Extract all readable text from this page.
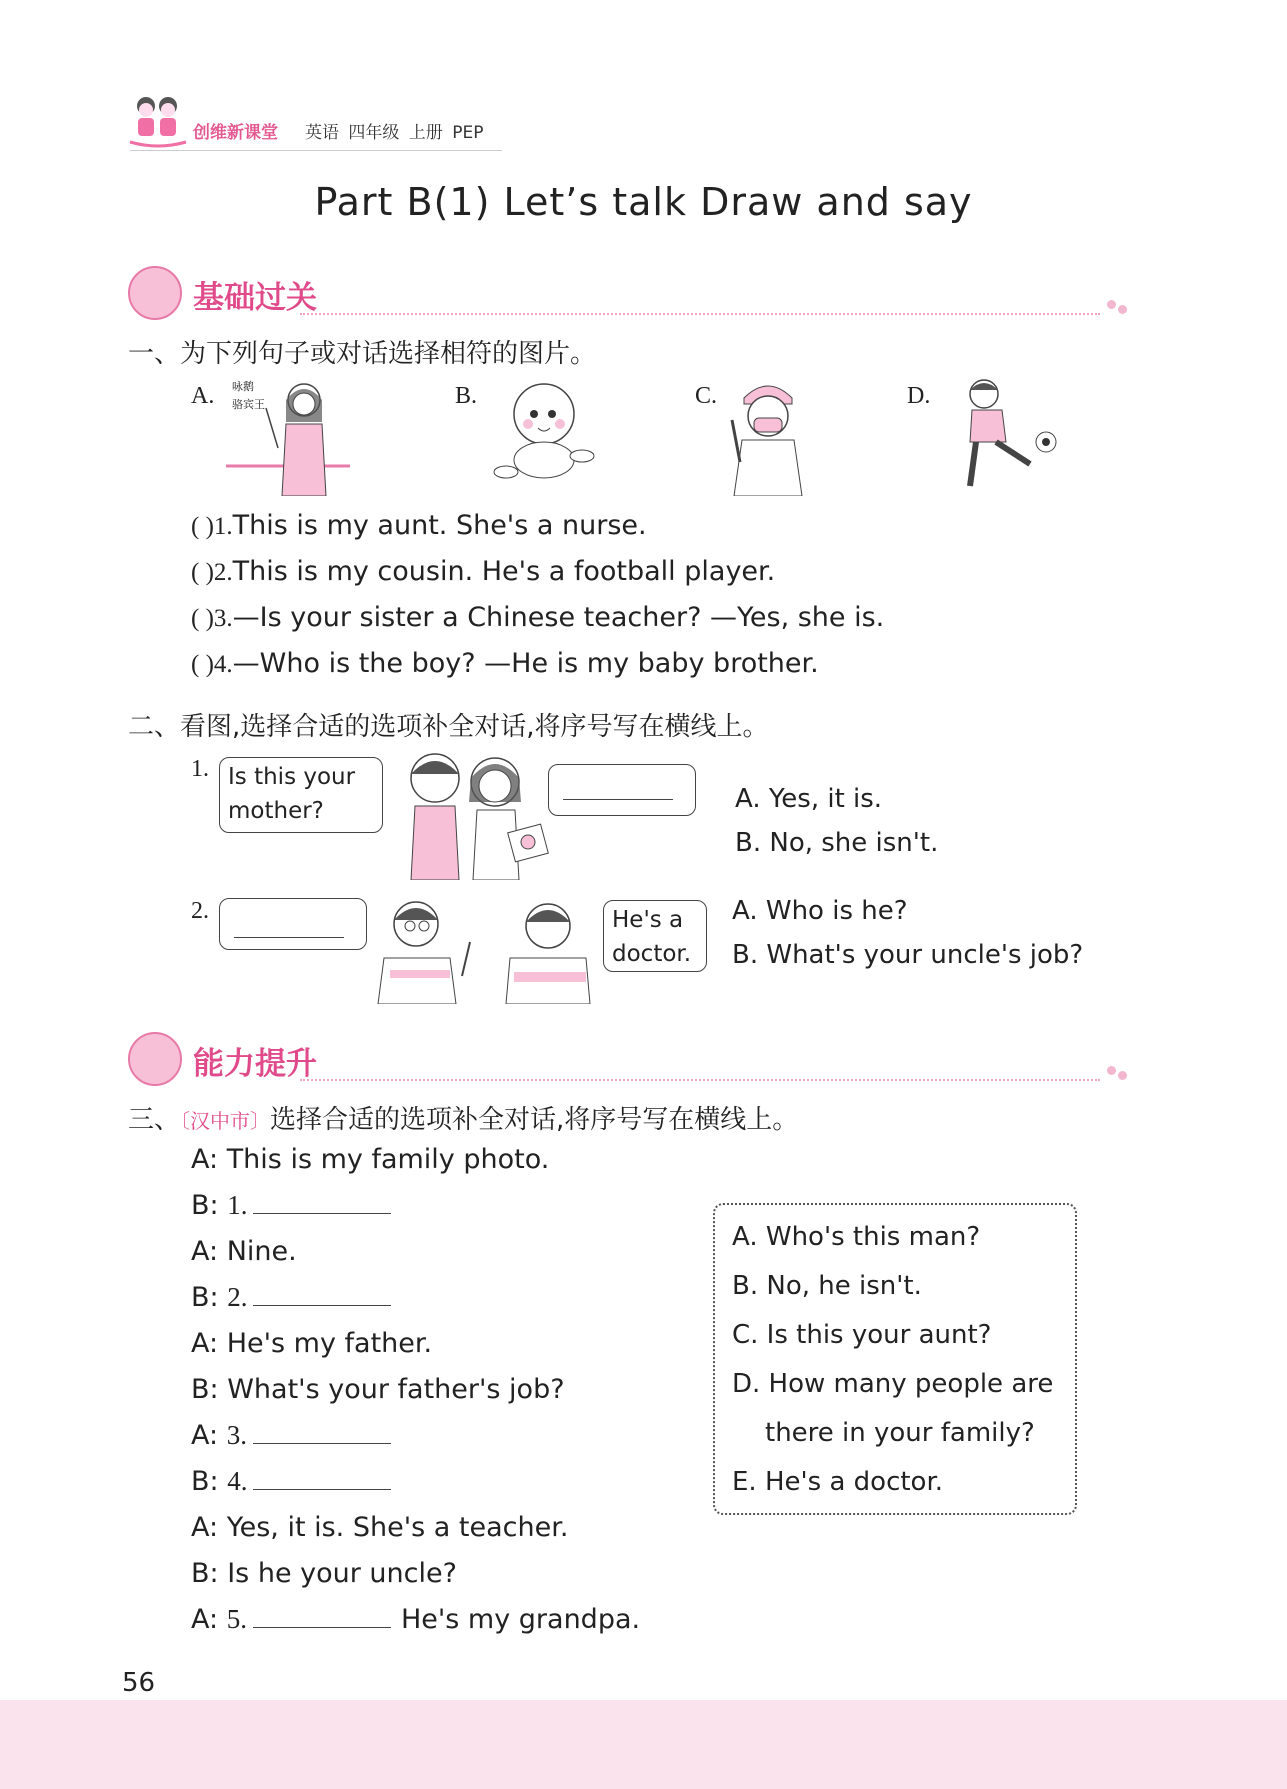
创维新课堂 英语 四年级 上册 PEP
Part B(1) Let’s talk Draw and say
基础过关
一、为下列句子或对话选择相符的图片。
A.	B.	C.	D.
咏鹅
骆宾王
( )1.This is my aunt. She's a nurse.
( )2.This is my cousin. He's a football player.
( )3.—Is your sister a Chinese teacher? —Yes, she is.
( )4.—Who is the boy? —He is my baby brother.
二、看图,选择合适的选项补全对话,将序号写在横线上。
1. Is this your
mother?	A. Yes, it is.
B. No, she isn't.
2.	He's a
doctor.
A. Who is he?
B. What's your uncle's job?
能力提升
三、〔汉中市〕选择合适的选项补全对话,将序号写在横线上。
A: This is my family photo.
B: 1.
A: Nine.
B: 2.
A: He's my father.
B: What's your father's job?
A: 3.
B: 4.
A: Yes, it is. She's a teacher.
B: Is he your uncle?
A: 5.	He's my grandpa.
A. Who's this man?
B. No, he isn't.
C. Is this your aunt?
D. How many people are
there in your family?
E. He's a doctor.
56
